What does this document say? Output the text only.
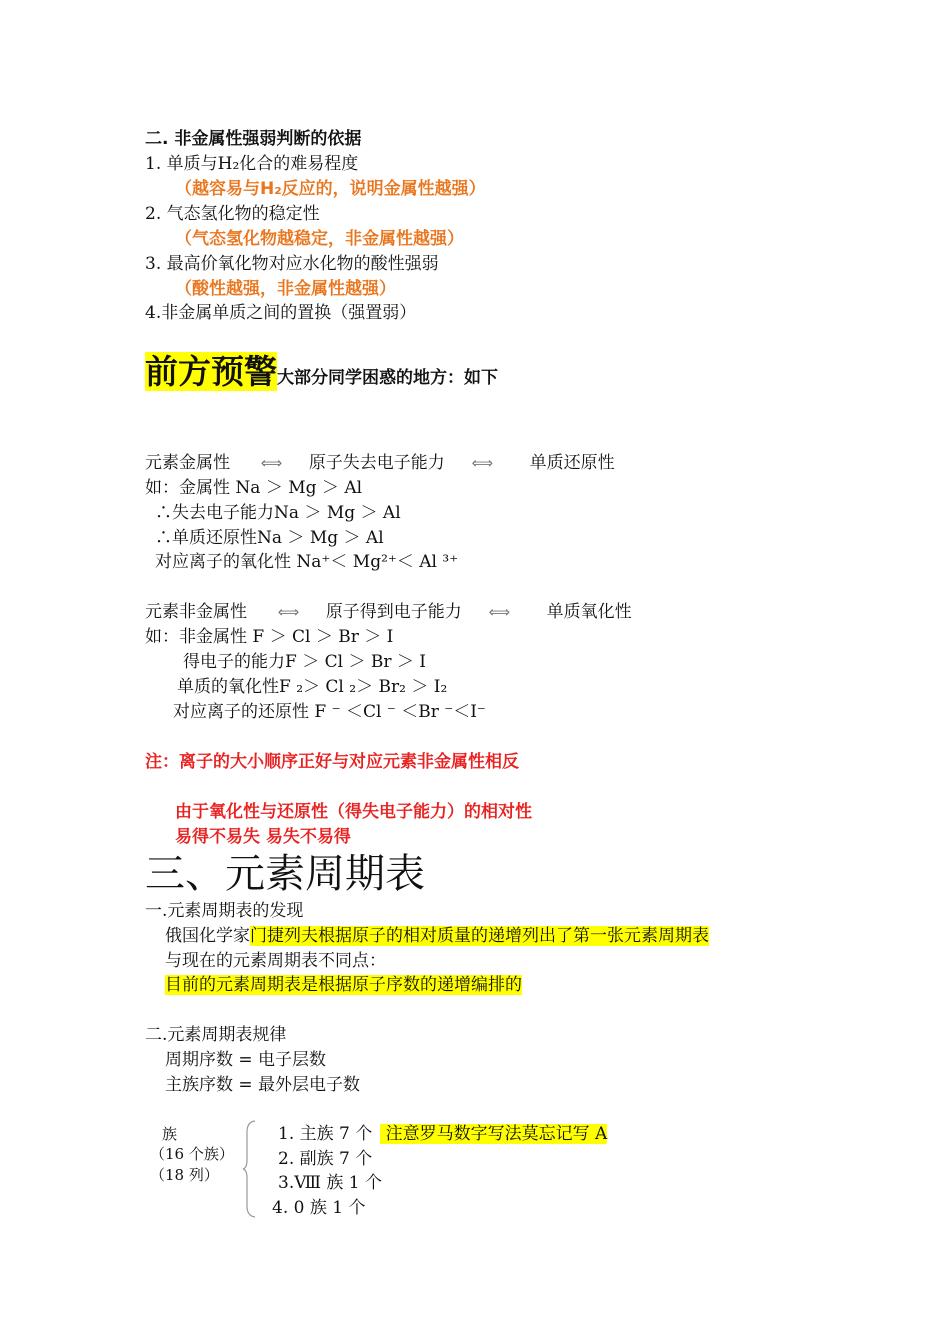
二. 非金属性强弱判断的依据
1. 单质与H₂化合的难易程度
（越容易与H₂反应的，说明金属性越强）
2. 气态氢化物的稳定性
（气态氢化物越稳定，非金属性越强）
3. 最高价氧化物对应水化物的酸性强弱
（酸性越强，非金属性越强）
4.非金属单质之间的置换（强置弱）
前方预警大部分同学困惑的地方：如下
元素金属性 ⟺ 原子失去电子能力 ⟺ 单质还原性
如：金属性 Na ＞ Mg ＞ Al
∴失去电子能力Na ＞ Mg ＞ Al
∴单质还原性Na ＞ Mg ＞ Al
对应离子的氧化性 Na⁺＜ Mg²⁺＜ Al ³⁺
元素非金属性 ⟺ 原子得到电子能力 ⟺ 单质氧化性
如：非金属性 F ＞ Cl ＞ Br ＞ I
得电子的能力F ＞ Cl ＞ Br ＞ I
单质的氧化性F ₂＞ Cl ₂＞ Br₂ ＞ I₂
对应离子的还原性 F ⁻ ＜Cl ⁻ ＜Br ⁻＜I⁻
注：离子的大小顺序正好与对应元素非金属性相反
由于氧化性与还原性（得失电子能力）的相对性
易得不易失 易失不易得
三、元素周期表
一.元素周期表的发现
俄国化学家门捷列夫根据原子的相对质量的递增列出了第一张元素周期表
与现在的元素周期表不同点：
目前的元素周期表是根据原子序数的递增编排的
二.元素周期表规律
周期序数 = 电子层数
主族序数 = 最外层电子数
族
（16 个族）
（18 列）
1. 主族 7 个 注意罗马数字写法莫忘记写 A
2. 副族 7 个
3.Ⅷ 族 1 个
4. 0 族 1 个
